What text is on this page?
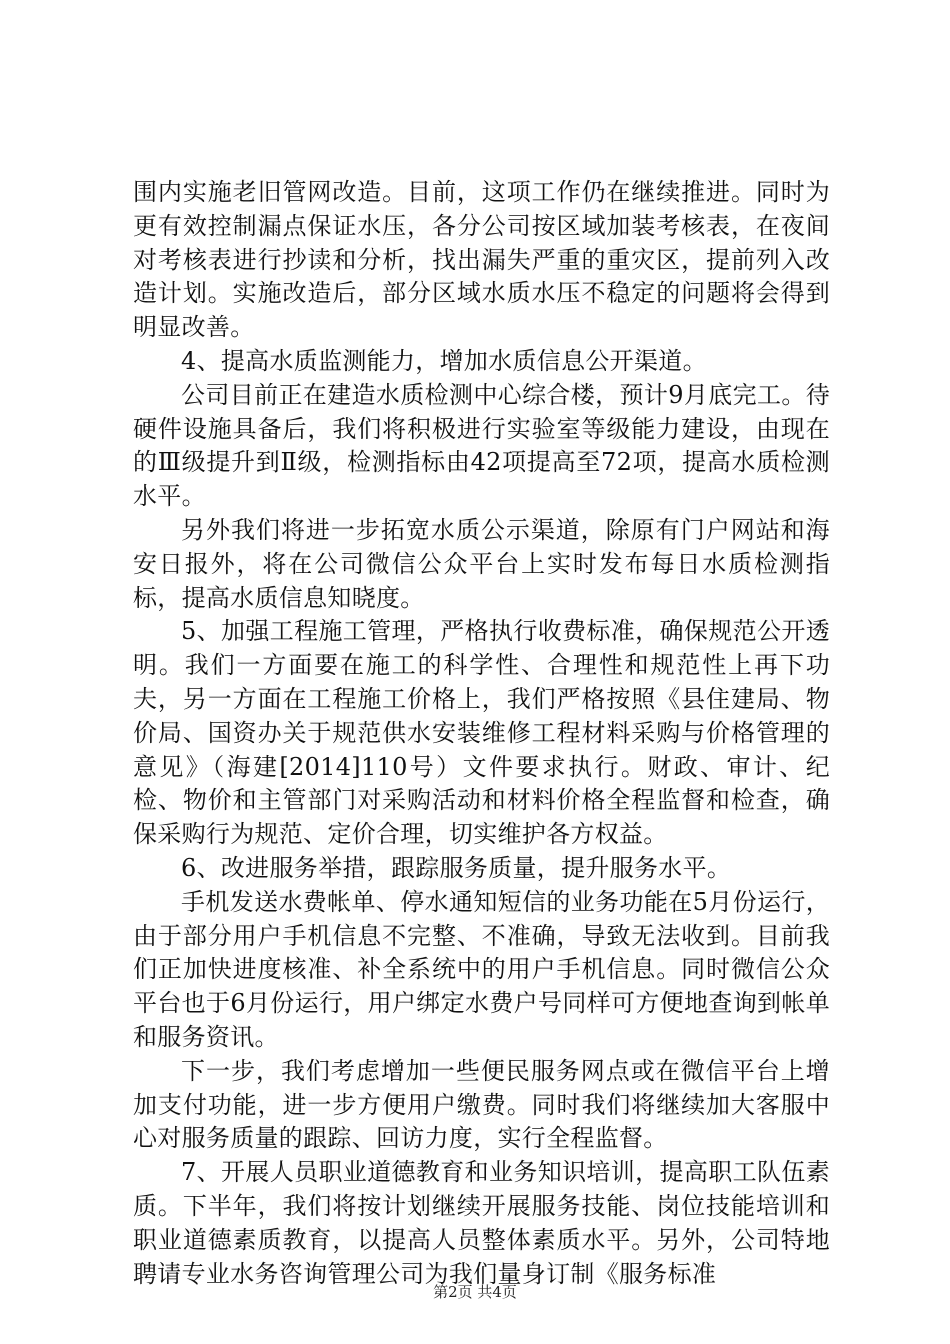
围内实施老旧管网改造。目前，这项工作仍在继续推进。同时为更有效控制漏点保证水压，各分公司按区域加装考核表，在夜间对考核表进行抄读和分析，找出漏失严重的重灾区，提前列入改造计划。实施改造后，部分区域水质水压不稳定的问题将会得到明显改善。

4、提高水质监测能力，增加水质信息公开渠道。

公司目前正在建造水质检测中心综合楼，预计9月底完工。待硬件设施具备后，我们将积极进行实验室等级能力建设，由现在的Ⅲ级提升到Ⅱ级，检测指标由42项提高至72项，提高水质检测水平。

另外我们将进一步拓宽水质公示渠道，除原有门户网站和海安日报外，将在公司微信公众平台上实时发布每日水质检测指标，提高水质信息知晓度。

5、加强工程施工管理，严格执行收费标准，确保规范公开透明。我们一方面要在施工的科学性、合理性和规范性上再下功夫，另一方面在工程施工价格上，我们严格按照《县住建局、物价局、国资办关于规范供水安装维修工程材料采购与价格管理的意见》（海建[2014]110号）文件要求执行。财政、审计、纪检、物价和主管部门对采购活动和材料价格全程监督和检查，确保采购行为规范、定价合理，切实维护各方权益。

6、改进服务举措，跟踪服务质量，提升服务水平。

手机发送水费帐单、停水通知短信的业务功能在5月份运行，由于部分用户手机信息不完整、不准确，导致无法收到。目前我们正加快进度核准、补全系统中的用户手机信息。同时微信公众平台也于6月份运行，用户绑定水费户号同样可方便地查询到帐单和服务资讯。

下一步，我们考虑增加一些便民服务网点或在微信平台上增加支付功能，进一步方便用户缴费。同时我们将继续加大客服中心对服务质量的跟踪、回访力度，实行全程监督。

7、开展人员职业道德教育和业务知识培训，提高职工队伍素质。下半年，我们将按计划继续开展服务技能、岗位技能培训和职业道德素质教育，以提高人员整体素质水平。另外，公司特地聘请专业水务咨询管理公司为我们量身订制《服务标准

第2页 共4页
